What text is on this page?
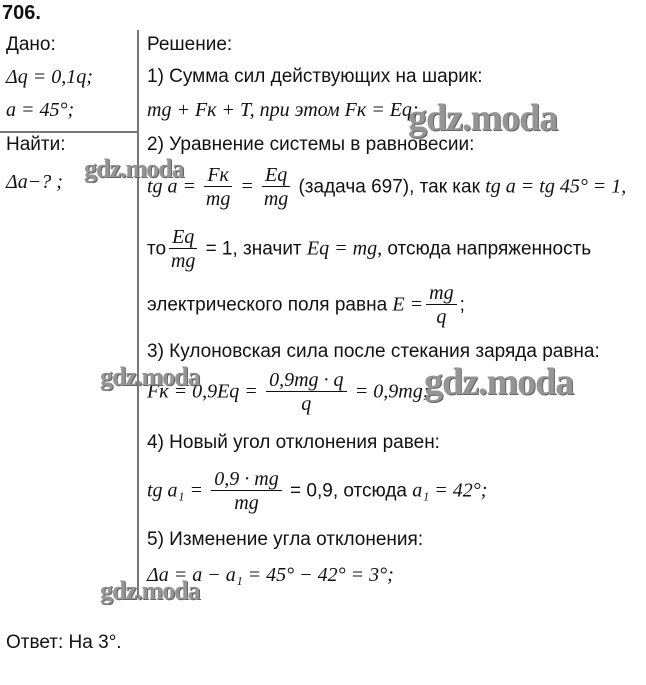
706.
Дано:
Δq = 0,1q;
a = 45°;
Найти:
Δa−? ;
Решение:
1) Сумма сил действующих на шарик:
mg + Fк + T, при этом Fк = Eq;
2) Уравнение системы в равновесии:
tg $a = \frac{Fк}{mg} = \frac{Eq}{mg}$ (задача 697), так как tg a = tg 45° = 1,
то $\frac{Eq}{mg} = 1$, значит Eq = mg, отсюда напряженность
электрического поля равна $E = \frac{mg}{q}$ ;
3) Кулоновская сила после стекания заряда равна:
Fк = $0,9Eq = \frac{0,9mg \cdot q}{q} = 0,9mg$;
4) Новый угол отклонения равен:
tg $a_1 = \frac{0,9 \cdot mg}{mg} = 0,9$, отсюда a₁ = 42°;
5) Изменение угла отклонения:
Δa = a − a₁ = 45° − 42° = 3°;
Ответ: На 3°.
gdz.moda
gdz.moda
gdz.moda	gdz.moda
gdz.moda
